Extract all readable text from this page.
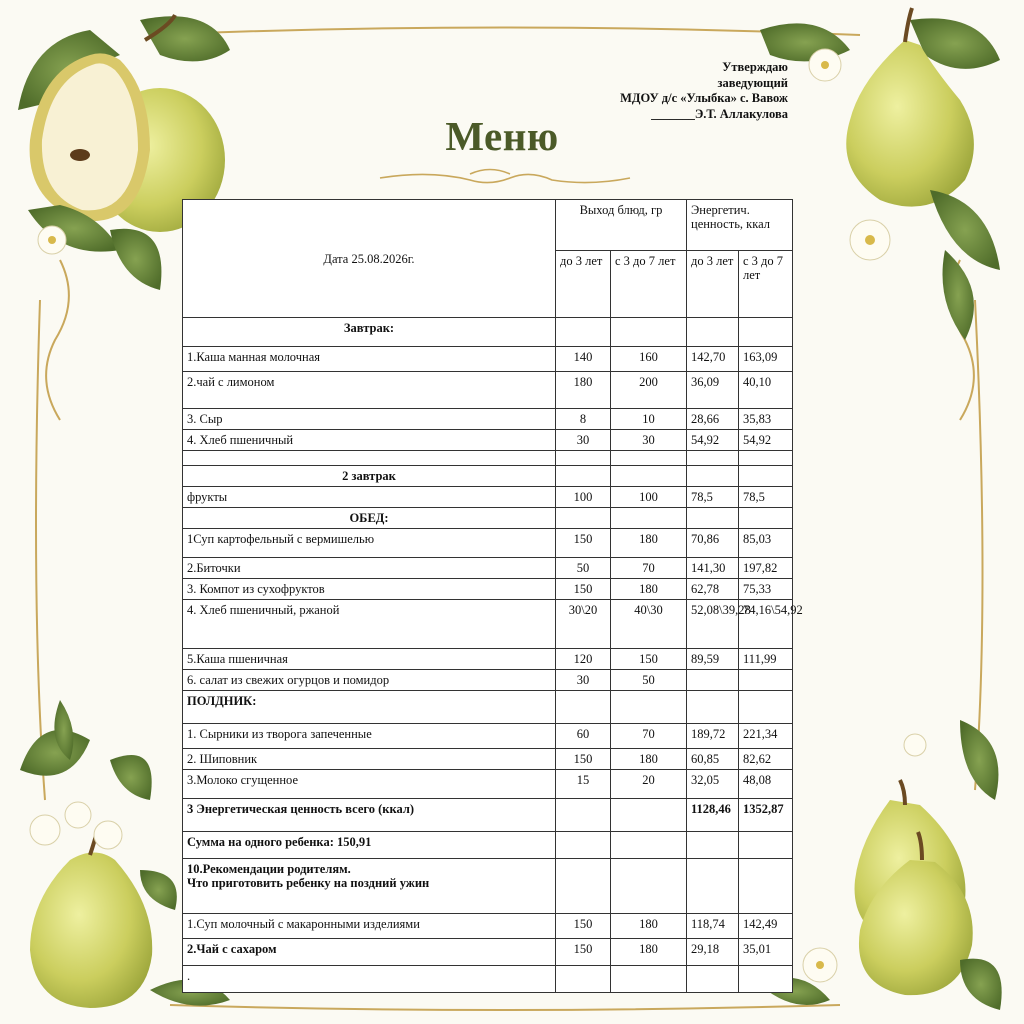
Утверждаю
заведующий
МДОУ д/с «Улыбка» с. Вавож
_______Э.Т. Аллакулова
Меню
Дата 25.08.2026г.	Выход блюд, гр		Энергетич. ценность, ккал	
	до 3 лет	с 3 до 7 лет	до 3 лет	с 3 до 7 лет
Завтрак:				
1.Каша манная молочная	140	160	142,70	163,09
2.чай с лимоном	180	200	36,09	40,10
3. Сыр	8	10	28,66	35,83
4. Хлеб пшеничный	30	30	54,92	54,92

2 завтрак				
фрукты	100	100	78,5	78,5
ОБЕД:				
1Суп картофельный с вермишелью	150	180	70,86	85,03
2.Биточки	50	70	141,30	197,82
3. Компот из сухофруктов	150	180	62,78	75,33
4. Хлеб пшеничный, ржаной	30\20	40\30	52,08\39,28	74,16\54,92
5.Каша пшеничная	120	150	89,59	111,99
6. салат из свежих огурцов и помидор	30	50		
ПОЛДНИК:				
1. Сырники из творога запеченные	60	70	189,72	221,34
2. Шиповник	150	180	60,85	82,62
3.Молоко сгущенное	15	20	32,05	48,08
3 Энергетическая ценность всего (ккал)			1128,46	1352,87
Сумма на одного ребенка: 150,91				

10.Рекомендации родителям.
Что приготовить ребенку на поздний ужин				

1.Суп молочный с макаронными изделиями	150	180	118,74	142,49
2.Чай с сахаром	150	180	29,18	35,01
.				
